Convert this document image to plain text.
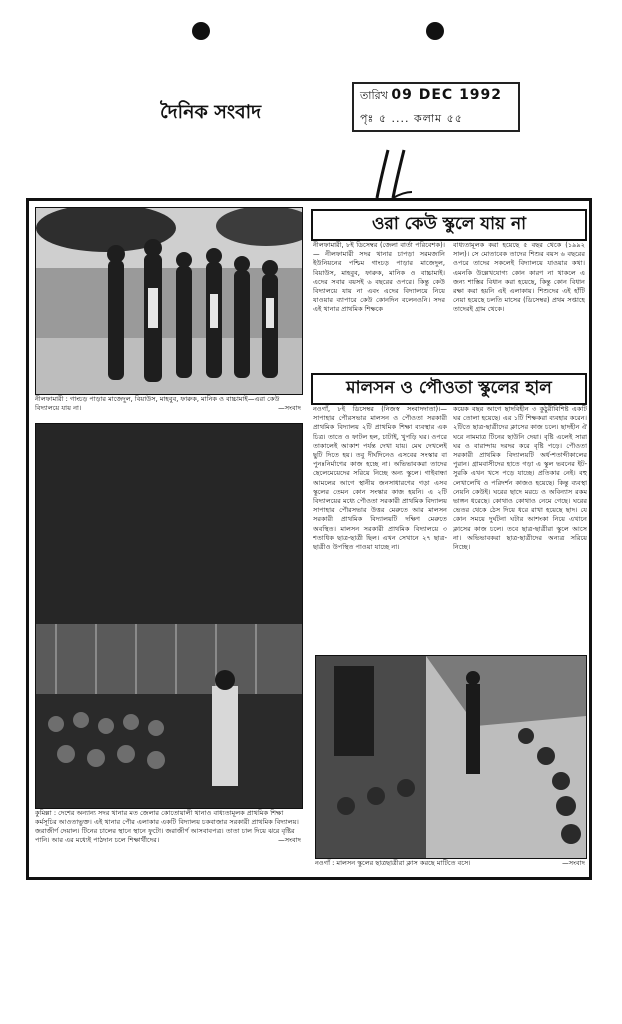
দৈনিক সংবাদ
তারিখ 09 DEC 1992
পৃঃ ৫ .... কলাম ৫৫
//
নীলফামারী : গাংচড় পাড়ার মাজেদুল, বিয়াউস, মাহবুব, ফারুক, মানিক ও বাচ্চামাই—এরা কেউ বিদ্যালয়ে যায় না।	—সংবাদ
ওরা কেউ স্কুলে যায় না

নীলফামারী, ৮ই ডিসেম্বর (জেলা বার্তা পরিবেশক)।— নীলফামারী সদর থানার চাপড়া সরমজানি ইউনিয়নের পশ্চিম গাংচড় পাড়ার মাজেদুল, বিয়াউস, মাহবুব, ফারুক, মানিক ও বাচ্চামাই। এদের সবার বয়সই ৬ বছরের ওপরে। কিন্তু কেউ বিদ্যালয়ে যায় না এবং এদের বিদ্যালয়ে নিয়ে যাওয়ার ব্যাপারে কেউ কোনদিন বলেনওনি। সদর এই থানার প্রাথমিক শিক্ষকে

বাধ্যতামূলক করা হয়েছে ৫ বছর থেকে (১৯৯২ সাল)। সে মোতাবেক তাদের শিশুর বয়স ৬ বছরের ওপরে তাদের সকলেই বিদ্যালয়ে যাওয়ার কথা। এমনকি উল্লেখযোগ্য কোন কারণ না থাকলে এ জন্য শাস্তির বিধান করা হয়েছে, কিন্তু কোন বিধান রক্ষা করা হয়নি এই এলাকায়। শিশুদের এই হাঁটি নেয়া হয়েছে চলতি মাসের (ডিসেম্বর) প্রথম সপ্তাহে তাদেরই গ্রাম থেকে।

মালসন ও পৌওতা স্কুলের হাল

নওগাঁ, ৮ই ডিসেম্বর (নিজস্ব সংবাদদাতা)।— সাপাহার পৌরসভার মালসন ও পৌওতা সরকারী প্রাথমিক বিদ্যালয় ২টি প্রাথমিক শিক্ষা ব্যবস্থার এক চিত্র। তাতে ও ফাটল হল, চাটাই, খুপড়ি ঘর। ওপরে তাকালেই আকাশ পর্যন্ত দেখা যায়। মেঘ দেখলেই ছুটি দিতে হয়। তবু দীর্ঘদিনেও এসবের সংস্কার বা পুনঃনির্মাণের কাজ হচ্ছে না। অভিভাবকরা তাদের ছেলেমেয়েদের সরিয়ে নিচ্ছে অন্য স্কুলে। গাইবান্ধা আমলের আগে স্থানীয় জনসাধারণের গড়া এসব স্কুলের তেমন কোন সংস্কার কাজ হয়নি। এ ২টি বিদ্যালয়ের মধ্যে পৌওতা সরকারী প্রাথমিক বিদ্যালয় সাপাহার পৌরসভার উত্তর মেরুতে আর মালসন সরকারী প্রাথমিক বিদ্যালয়টি দক্ষিণ মেরুতে অবস্থিত। মালসন সরকারী প্রাথমিক বিদ্যালয়ে ৩ শতাধিক ছাত্র-ছাত্রী ছিল। এখন সেখানে ২৭ ছাত্র-ছাত্রীও উপস্থিত পাওয়া যাচ্ছে না।

কয়েক বছর আগে ছাদবিহীন ৩ কুঠুরীবিশিষ্ট একটি ঘর তোলা হয়েছে। এর ১টি শিক্ষকরা ব্যবহার করেন। ২টিতে ছাত্র-ছাত্রীদের ক্লাসের কাজ চলে। ছাদহীন ঐ ঘরে নামমাত্র টিনের ছাউনি দেয়া। বৃষ্টি এলেই সারা ঘর ও বারান্দায় দরদর করে বৃষ্টি পড়ে। পৌওতা সরকারী প্রাথমিক বিদ্যালয়টি অর্ধ-শতাব্দীকালের পুরান। গ্রামবাসীদের হাতে গড়া এ স্কুল ভবনের ইট-সুরকি এখন খসে পড়ে যাচ্ছে। প্রতিকার নেই। বহু লেখালেখি ও পরিদর্শন কাজও হয়েছে। কিন্তু ব্যবস্থা নেয়নি কেউই। ঘরের ছাদে মরচে ও অবিন্যাস রকম ভাঙ্গন ধরেছে। কোথাও কোথাও নেমে গেছে। ঘরের ভেতর থেকে ঠেস দিয়ে ধরে রাখা হয়েছে ছাদ। যে কোন সময়ে দুর্ঘটনা ঘটার আশংকা নিয়ে এখানে ক্লাসের কাজ চলে। তবে ছাত্র-ছাত্রীরা স্কুলে আসে না। অভিভাবকরা ছাত্র-ছাত্রীদের অন্যত্র সরিয়ে নিচ্ছে।

কুমিল্লা : দেশের অন্যান্য সদর থানার মত জেলার কোতোয়ালী থানাও বাধ্যতামূলক প্রাথমিক শিক্ষা কর্মসূচির আওতাভুক্ত। এই থানার পৌর এলাকার একটি বিদ্যালয় চকবাজার সরকারী প্রাথমিক বিদ্যালয়। জরাজীর্ণ দেয়াল। টিনের চালের স্থানে স্থানে ফুটো। জরাজীর্ণ আসবাবপত্র। তাতা চাল দিয়ে ঝরে বৃষ্টির পানি। আর এর মধ্যেই পাঠদান চলে শিক্ষার্থীদের।	—সংবাদ
নওগাঁ : মালসন স্কুলের ছাত্রছাত্রীরা ক্লাস করছে মাটিতে বসে।	—সংবাদ
